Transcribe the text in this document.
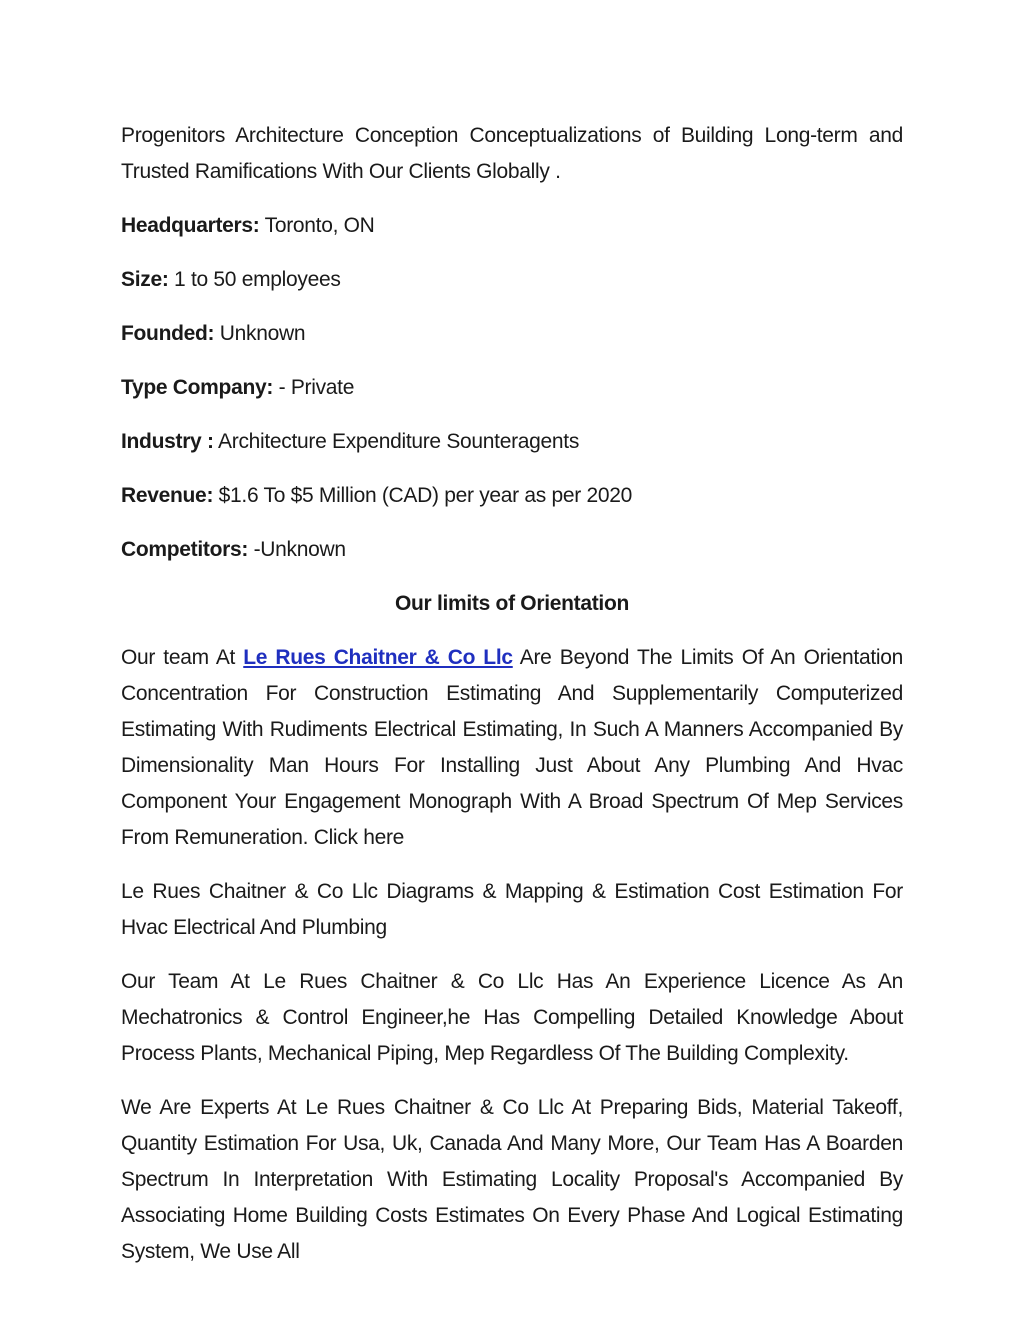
Progenitors Architecture Conception Conceptualizations of Building Long-term and Trusted Ramifications With Our Clients Globally .

Headquarters: Toronto, ON
Size: 1 to 50 employees
Founded: Unknown
Type Company: - Private
Industry : Architecture Expenditure Sounteragents
Revenue: $1.6 To $5 Million (CAD) per year as per 2020
Competitors: -Unknown
Our limits of Orientation

Our team At Le Rues Chaitner & Co Llc Are Beyond The Limits Of An Orientation Concentration For Construction Estimating And Supplementarily Computerized Estimating With Rudiments Electrical Estimating, In Such A Manners Accompanied By Dimensionality Man Hours For Installing Just About Any Plumbing And Hvac Component Your Engagement Monograph With A Broad Spectrum Of Mep Services From Remuneration. Click here

Le Rues Chaitner & Co Llc Diagrams & Mapping & Estimation Cost Estimation For Hvac Electrical And Plumbing

Our Team At Le Rues Chaitner & Co Llc Has An Experience Licence As An Mechatronics & Control Engineer,he Has Compelling Detailed Knowledge About Process Plants, Mechanical Piping, Mep Regardless Of The Building Complexity.

We Are Experts At Le Rues Chaitner & Co Llc At Preparing Bids, Material Takeoff, Quantity Estimation For Usa, Uk, Canada And Many More, Our Team Has A Boarden Spectrum In Interpretation With Estimating Locality Proposal's Accompanied By Associating Home Building Costs Estimates On Every Phase And Logical Estimating System, We Use All
